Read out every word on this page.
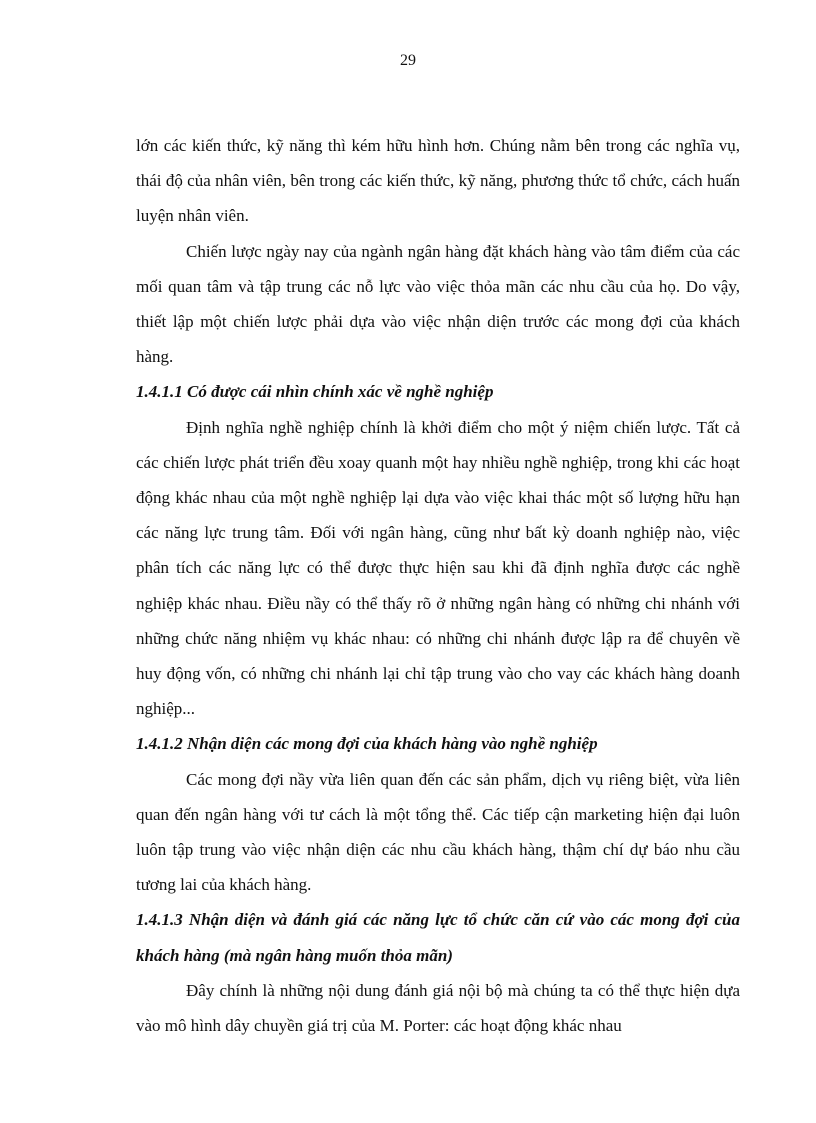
29

lớn các kiến thức, kỹ năng thì kém hữu hình hơn. Chúng nằm bên trong các nghĩa vụ, thái độ của nhân viên, bên trong các kiến thức, kỹ năng, phương thức tổ chức, cách huấn luyện nhân viên.

Chiến lược ngày nay của ngành ngân hàng đặt khách hàng vào tâm điểm của các mối quan tâm và tập trung các nỗ lực vào việc thỏa mãn các nhu cầu của họ. Do vậy, thiết lập một chiến lược phải dựa vào việc nhận diện trước các mong đợi của khách hàng.

1.4.1.1 Có được cái nhìn chính xác về nghề nghiệp

Định nghĩa nghề nghiệp chính là khởi điểm cho một ý niệm chiến lược. Tất cả các chiến lược phát triển đều xoay quanh một hay nhiều nghề nghiệp, trong khi các hoạt động khác nhau của một nghề nghiệp lại dựa vào việc khai thác một số lượng hữu hạn các năng lực trung tâm. Đối với ngân hàng, cũng như bất kỳ doanh nghiệp nào, việc phân tích các năng lực có thể được thực hiện sau khi đã định nghĩa được các nghề nghiệp khác nhau. Điều nầy có thể thấy rõ ở những ngân hàng có những chi nhánh với những chức năng nhiệm vụ khác nhau: có những chi nhánh được lập ra để chuyên về huy động vốn, có những chi nhánh lại chỉ tập trung vào cho vay các khách hàng doanh nghiệp...

1.4.1.2 Nhận diện các mong đợi của khách hàng vào nghề nghiệp

Các mong đợi nầy vừa liên quan đến các sản phẩm, dịch vụ riêng biệt, vừa liên quan đến ngân hàng với tư cách là một tổng thể. Các tiếp cận marketing hiện đại luôn luôn tập trung vào việc nhận diện các nhu cầu khách hàng, thậm chí dự báo nhu cầu tương lai của khách hàng.

1.4.1.3 Nhận diện và đánh giá các năng lực tổ chức căn cứ vào các mong đợi của khách hàng (mà ngân hàng muốn thỏa mãn)

Đây chính là những nội dung đánh giá nội bộ mà chúng ta có thể thực hiện dựa vào mô hình dây chuyền giá trị của M. Porter: các hoạt động khác nhau
